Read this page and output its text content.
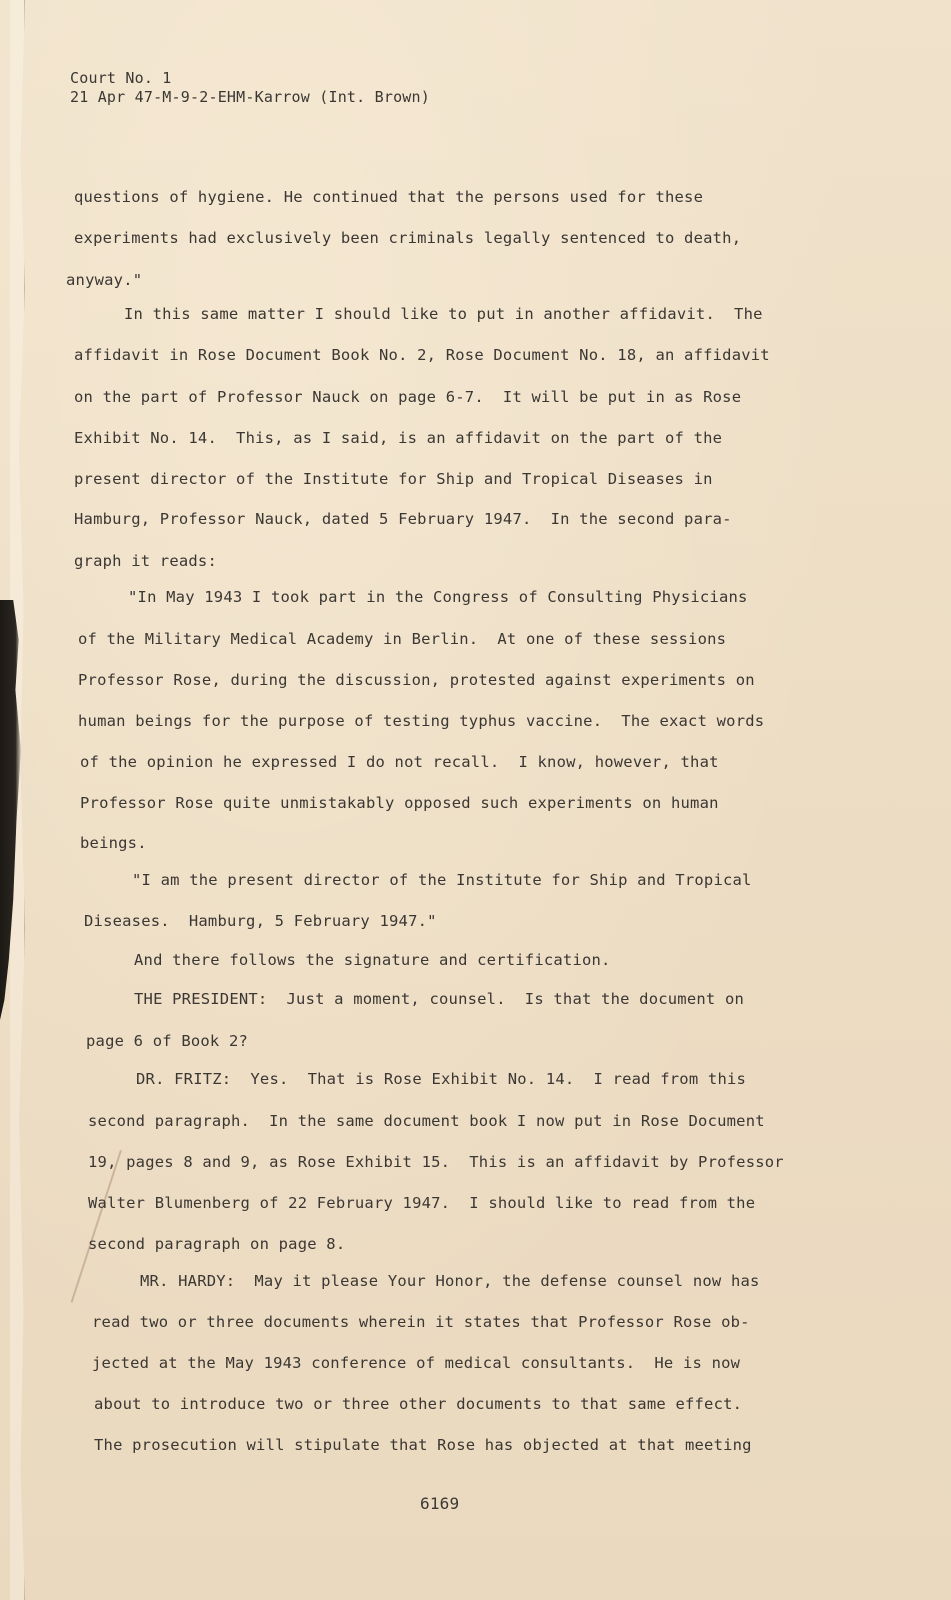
Court No. 1
21 Apr 47-M-9-2-EHM-Karrow (Int. Brown)
questions of hygiene. He continued that the persons used for these
experiments had exclusively been criminals legally sentenced to death,
anyway."
In this same matter I should like to put in another affidavit.  The
affidavit in Rose Document Book No. 2, Rose Document No. 18, an affidavit
on the part of Professor Nauck on page 6-7.  It will be put in as Rose
Exhibit No. 14.  This, as I said, is an affidavit on the part of the
present director of the Institute for Ship and Tropical Diseases in
Hamburg, Professor Nauck, dated 5 February 1947.  In the second para-
graph it reads:
"In May 1943 I took part in the Congress of Consulting Physicians
of the Military Medical Academy in Berlin.  At one of these sessions
Professor Rose, during the discussion, protested against experiments on
human beings for the purpose of testing typhus vaccine.  The exact words
of the opinion he expressed I do not recall.  I know, however, that
Professor Rose quite unmistakably opposed such experiments on human
beings.
"I am the present director of the Institute for Ship and Tropical
Diseases.  Hamburg, 5 February 1947."
And there follows the signature and certification.
THE PRESIDENT:  Just a moment, counsel.  Is that the document on
page 6 of Book 2?
DR. FRITZ:  Yes.  That is Rose Exhibit No. 14.  I read from this
second paragraph.  In the same document book I now put in Rose Document
19, pages 8 and 9, as Rose Exhibit 15.  This is an affidavit by Professor
Walter Blumenberg of 22 February 1947.  I should like to read from the
second paragraph on page 8.
MR. HARDY:  May it please Your Honor, the defense counsel now has
read two or three documents wherein it states that Professor Rose ob-
jected at the May 1943 conference of medical consultants.  He is now
about to introduce two or three other documents to that same effect.
The prosecution will stipulate that Rose has objected at that meeting
6169
